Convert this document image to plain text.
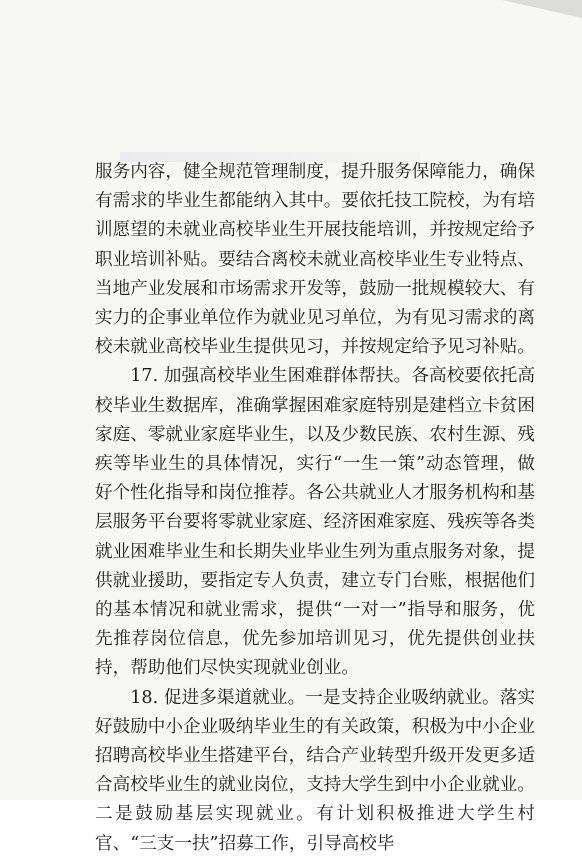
服务内容，健全规范管理制度，提升服务保障能力，确保有需求的毕业生都能纳入其中。要依托技工院校，为有培训愿望的未就业高校毕业生开展技能培训，并按规定给予职业培训补贴。要结合离校未就业高校毕业生专业特点、当地产业发展和市场需求开发等，鼓励一批规模较大、有实力的企事业单位作为就业见习单位，为有见习需求的离校未就业高校毕业生提供见习，并按规定给予见习补贴。

17. 加强高校毕业生困难群体帮扶。各高校要依托高校毕业生数据库，准确掌握困难家庭特别是建档立卡贫困家庭、零就业家庭毕业生，以及少数民族、农村生源、残疾等毕业生的具体情况，实行“一生一策”动态管理，做好个性化指导和岗位推荐。各公共就业人才服务机构和基层服务平台要将零就业家庭、经济困难家庭、残疾等各类就业困难毕业生和长期失业毕业生列为重点服务对象，提供就业援助，要指定专人负责，建立专门台账，根据他们的基本情况和就业需求，提供“一对一”指导和服务，优先推荐岗位信息，优先参加培训见习，优先提供创业扶持，帮助他们尽快实现就业创业。

18. 促进多渠道就业。一是支持企业吸纳就业。落实好鼓励中小企业吸纳毕业生的有关政策，积极为中小企业招聘高校毕业生搭建平台，结合产业转型升级开发更多适合高校毕业生的就业岗位，支持大学生到中小企业就业。二是鼓励基层实现就业。有计划积极推进大学生村官、“三支一扶”招募工作，引导高校毕
